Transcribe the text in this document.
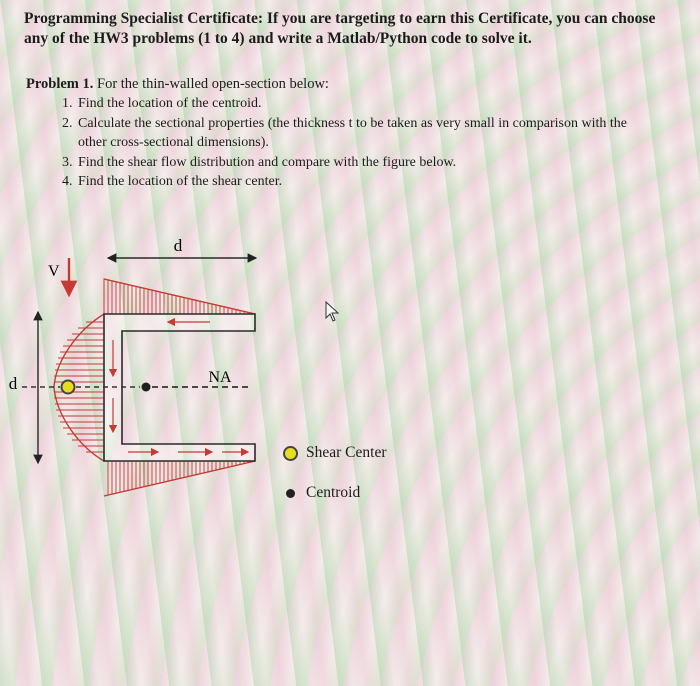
Programming Specialist Certificate: If you are targeting to earn this Certificate, you can choose any of the HW3 problems (1 to 4) and write a Matlab/Python code to solve it.
Problem 1. For the thin-walled open-section below:
1. Find the location of the centroid.
2. Calculate the sectional properties (the thickness t to be taken as very small in comparison with the other cross-sectional dimensions).
3. Find the shear flow distribution and compare with the figure below.
4. Find the location of the shear center.
d
d
V
NA
Shear Center
Centroid
